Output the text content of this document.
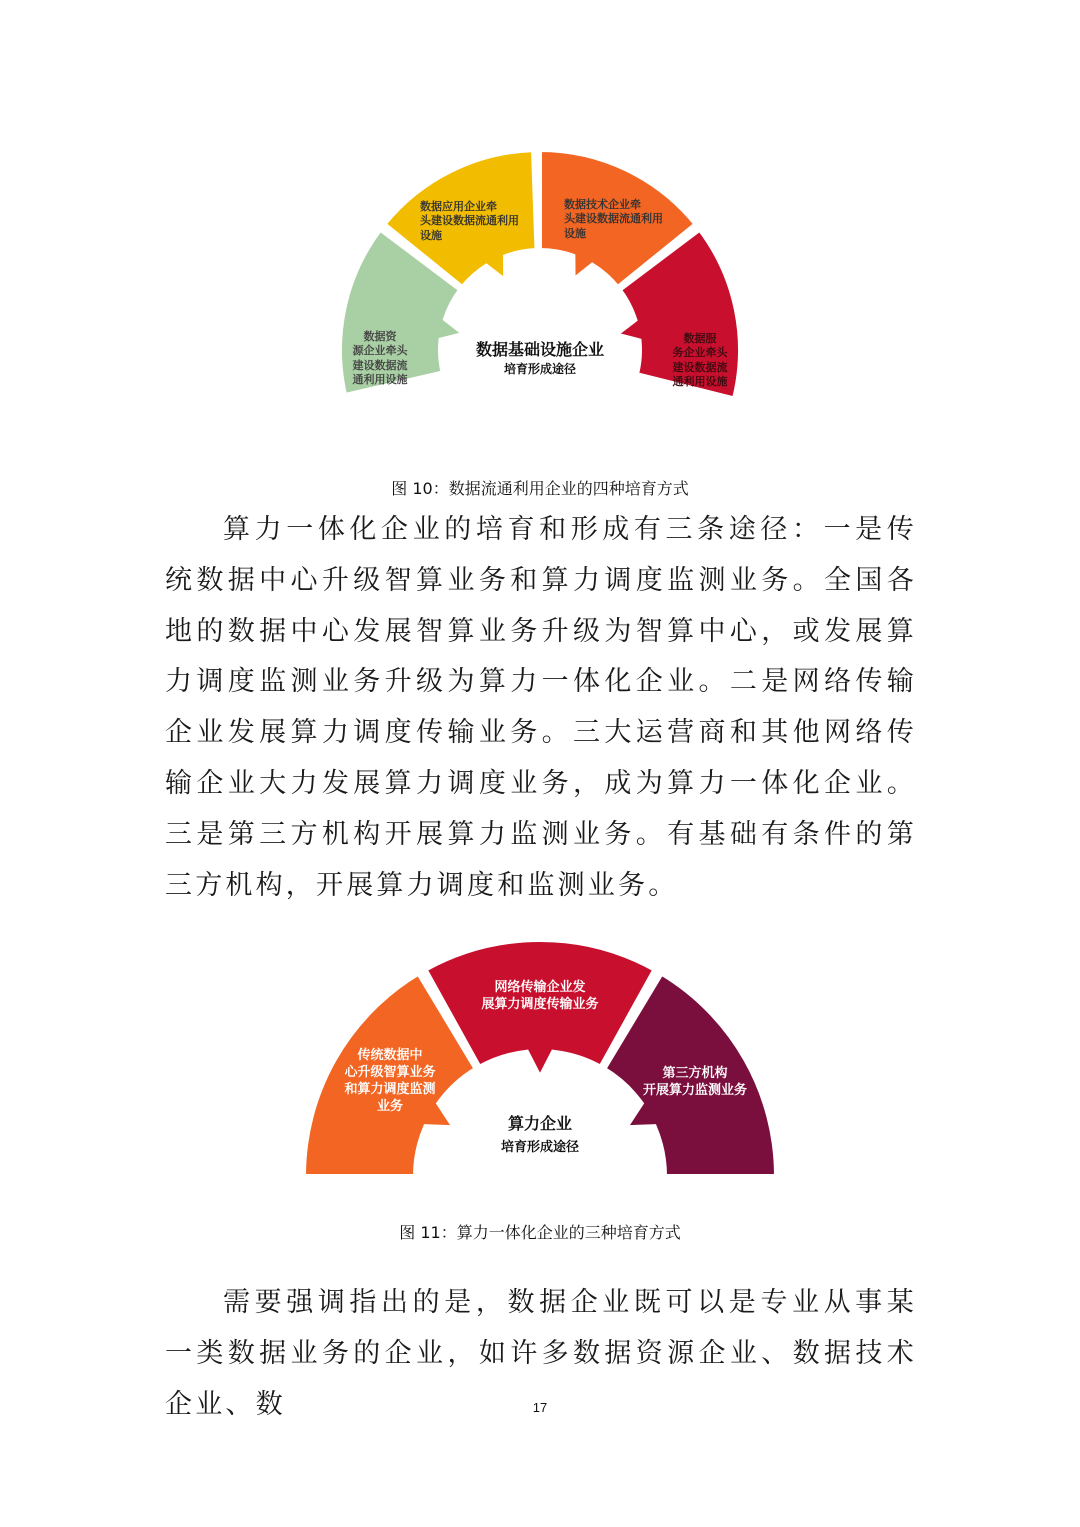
数据资
源企业牵头
建设数据流
通利用设施
数据应用企业牵
头建设数据流通利用
设施
数据技术企业牵
头建设数据流通利用
设施
数据服
务企业牵头
建设数据流
通利用设施
数据基础设施企业
培育形成途径
图 10：数据流通利用企业的四种培育方式

算力一体化企业的培育和形成有三条途径：一是传统数据中心升级智算业务和算力调度监测业务。全国各地的数据中心发展智算业务升级为智算中心，或发展算力调度监测业务升级为算力一体化企业。二是网络传输企业发展算力调度传输业务。三大运营商和其他网络传输企业大力发展算力调度业务，成为算力一体化企业。三是第三方机构开展算力监测业务。有基础有条件的第三方机构，开展算力调度和监测业务。

传统数据中
心升级智算业务
和算力调度监测
业务
网络传输企业发
展算力调度传输业务
第三方机构
开展算力监测业务
算力企业
培育形成途径
图 11：算力一体化企业的三种培育方式

需要强调指出的是，数据企业既可以是专业从事某一类数据业务的企业，如许多数据资源企业、数据技术企业、数	17
